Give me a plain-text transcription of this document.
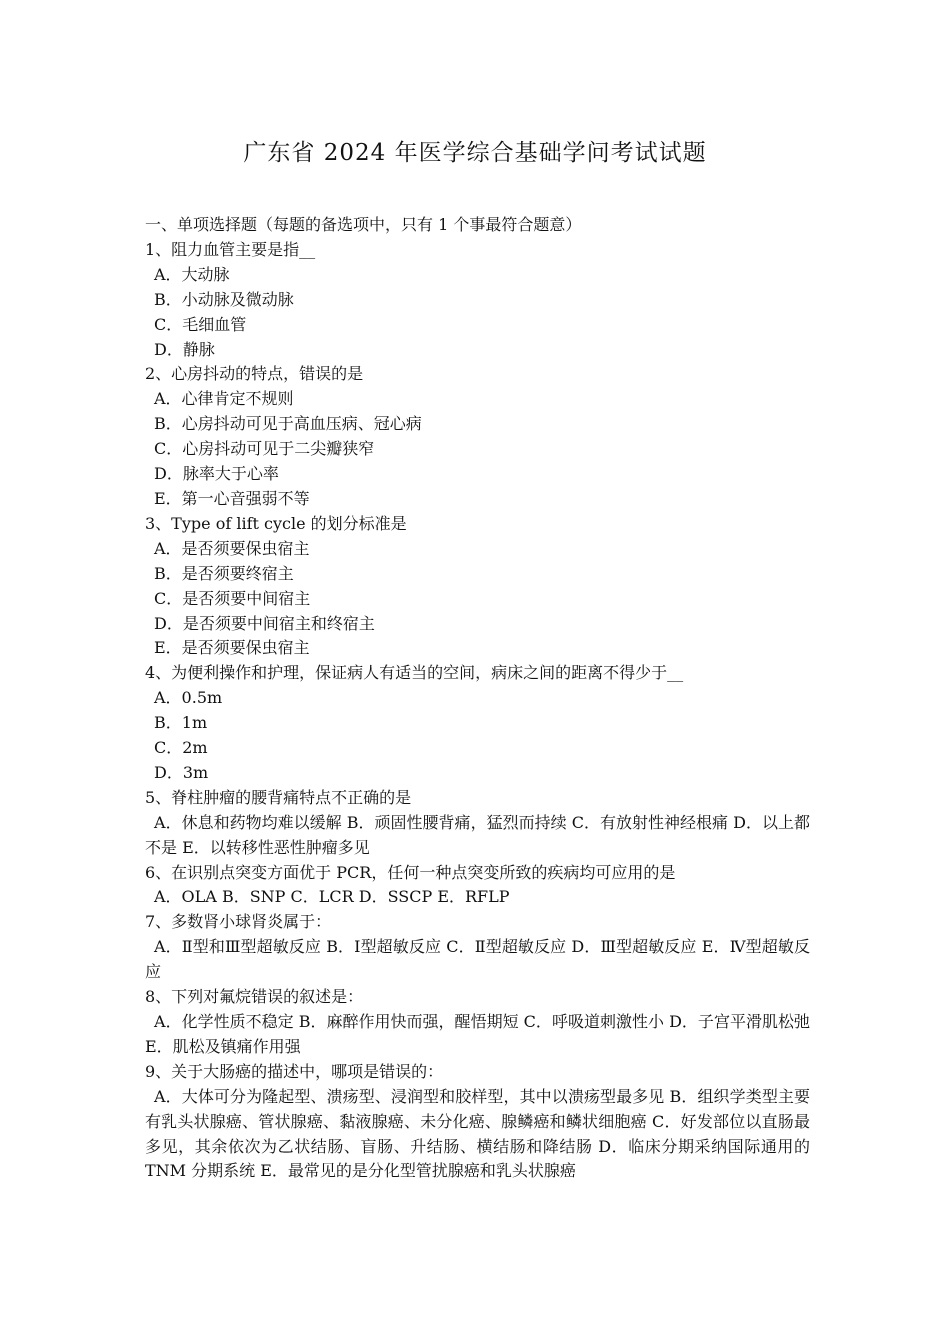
广东省 2024 年医学综合基础学问考试试题
一、单项选择题（每题的备选项中，只有 1 个事最符合题意）
1、阻力血管主要是指__
A．大动脉
B．小动脉及微动脉
C．毛细血管
D．静脉
2、心房抖动的特点，错误的是
A．心律肯定不规则
B．心房抖动可见于高血压病、冠心病
C．心房抖动可见于二尖瓣狭窄
D．脉率大于心率
E．第一心音强弱不等
3、Type of lift cycle 的划分标准是
A．是否须要保虫宿主
B．是否须要终宿主
C．是否须要中间宿主
D．是否须要中间宿主和终宿主
E．是否须要保虫宿主
4、为便利操作和护理，保证病人有适当的空间，病床之间的距离不得少于__
A．0.5m
B．1m
C．2m
D．3m
5、脊柱肿瘤的腰背痛特点不正确的是
A．休息和药物均难以缓解 B．顽固性腰背痛，猛烈而持续 C．有放射性神经根痛 D．以上都不是 E．以转移性恶性肿瘤多见
6、在识别点突变方面优于 PCR，任何一种点突变所致的疾病均可应用的是
A．OLA B．SNP C．LCR D．SSCP E．RFLP
7、多数肾小球肾炎属于：
A．Ⅱ型和Ⅲ型超敏反应 B．Ⅰ型超敏反应 C．Ⅱ型超敏反应 D．Ⅲ型超敏反应 E．Ⅳ型超敏反应
8、下列对氟烷错误的叙述是：
A．化学性质不稳定 B．麻醉作用快而强，醒悟期短 C．呼吸道刺激性小 D．子宫平滑肌松弛 E．肌松及镇痛作用强
9、关于大肠癌的描述中，哪项是错误的：
A．大体可分为隆起型、溃疡型、浸润型和胶样型，其中以溃疡型最多见 B．组织学类型主要有乳头状腺癌、管状腺癌、黏液腺癌、未分化癌、腺鳞癌和鳞状细胞癌 C．好发部位以直肠最多见，其余依次为乙状结肠、盲肠、升结肠、横结肠和降结肠 D．临床分期采纳国际通用的TNM 分期系统 E．最常见的是分化型管扰腺癌和乳头状腺癌
